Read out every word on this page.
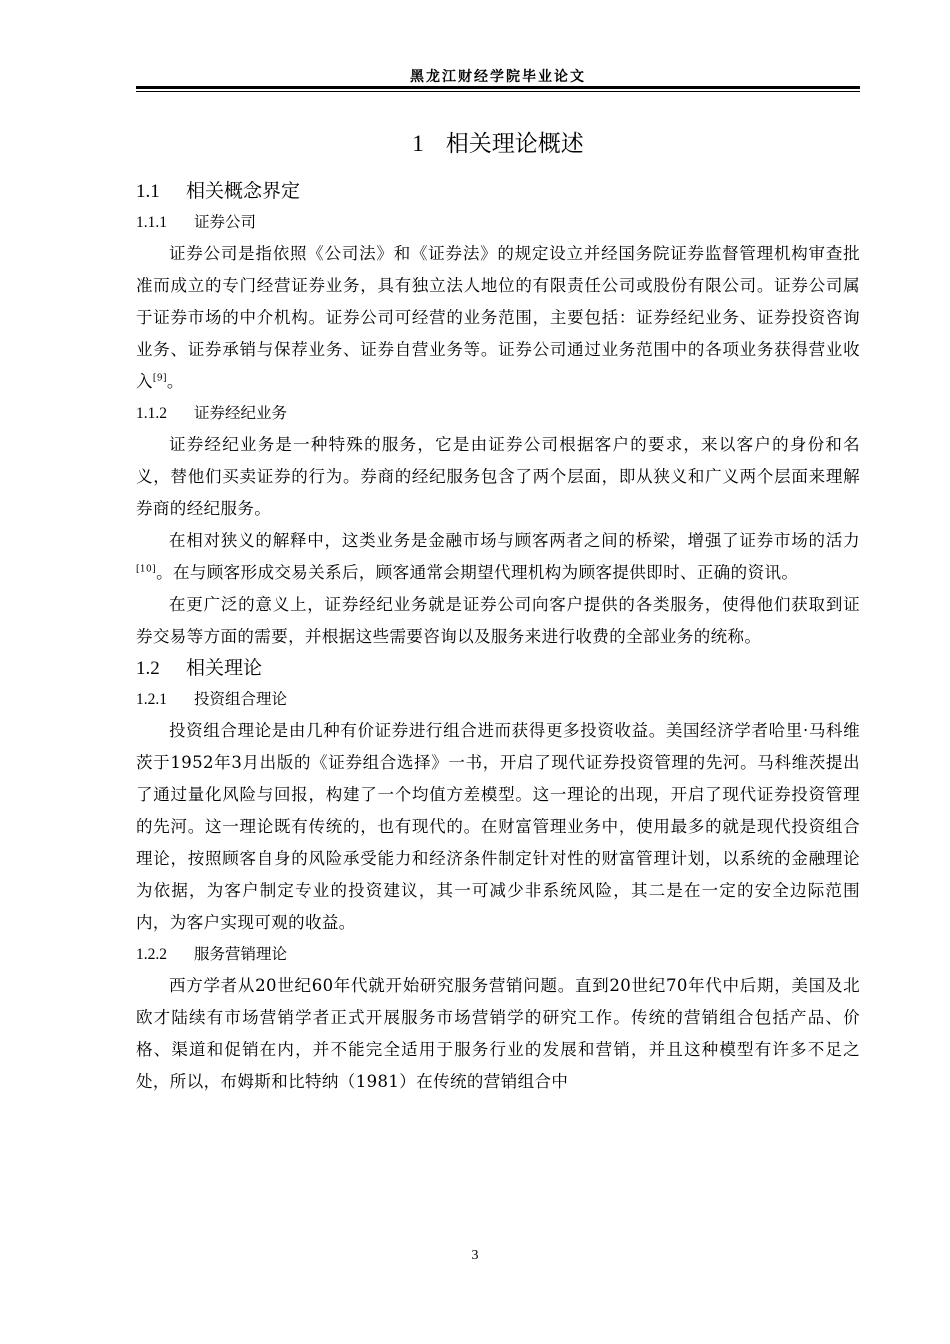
黑龙江财经学院毕业论文
1 相关理论概述
1.1 相关概念界定
1.1.1 证券公司

证券公司是指依照《公司法》和《证券法》的规定设立并经国务院证券监督管理机构审查批准而成立的专门经营证券业务，具有独立法人地位的有限责任公司或股份有限公司。证券公司属于证券市场的中介机构。证券公司可经营的业务范围，主要包括：证券经纪业务、证券投资咨询业务、证券承销与保荐业务、证券自营业务等。证券公司通过业务范围中的各项业务获得营业收入[9]。

1.1.2 证券经纪业务

证券经纪业务是一种特殊的服务，它是由证券公司根据客户的要求，来以客户的身份和名义，替他们买卖证券的行为。券商的经纪服务包含了两个层面，即从狭义和广义两个层面来理解券商的经纪服务。

在相对狭义的解释中，这类业务是金融市场与顾客两者之间的桥梁，增强了证券市场的活力[10]。在与顾客形成交易关系后，顾客通常会期望代理机构为顾客提供即时、正确的资讯。

在更广泛的意义上，证券经纪业务就是证券公司向客户提供的各类服务，使得他们获取到证券交易等方面的需要，并根据这些需要咨询以及服务来进行收费的全部业务的统称。

1.2 相关理论
1.2.1 投资组合理论

投资组合理论是由几种有价证券进行组合进而获得更多投资收益。美国经济学者哈里·马科维茨于1952年3月出版的《证券组合选择》一书，开启了现代证券投资管理的先河。马科维茨提出了通过量化风险与回报，构建了一个均值方差模型。这一理论的出现，开启了现代证券投资管理的先河。这一理论既有传统的，也有现代的。在财富管理业务中，使用最多的就是现代投资组合理论，按照顾客自身的风险承受能力和经济条件制定针对性的财富管理计划，以系统的金融理论为依据，为客户制定专业的投资建议，其一可减少非系统风险，其二是在一定的安全边际范围内，为客户实现可观的收益。

1.2.2 服务营销理论

西方学者从20世纪60年代就开始研究服务营销问题。直到20世纪70年代中后期，美国及北欧才陆续有市场营销学者正式开展服务市场营销学的研究工作。传统的营销组合包括产品、价格、渠道和促销在内，并不能完全适用于服务行业的发展和营销，并且这种模型有许多不足之处，所以，布姆斯和比特纳（1981）在传统的营销组合中

3
